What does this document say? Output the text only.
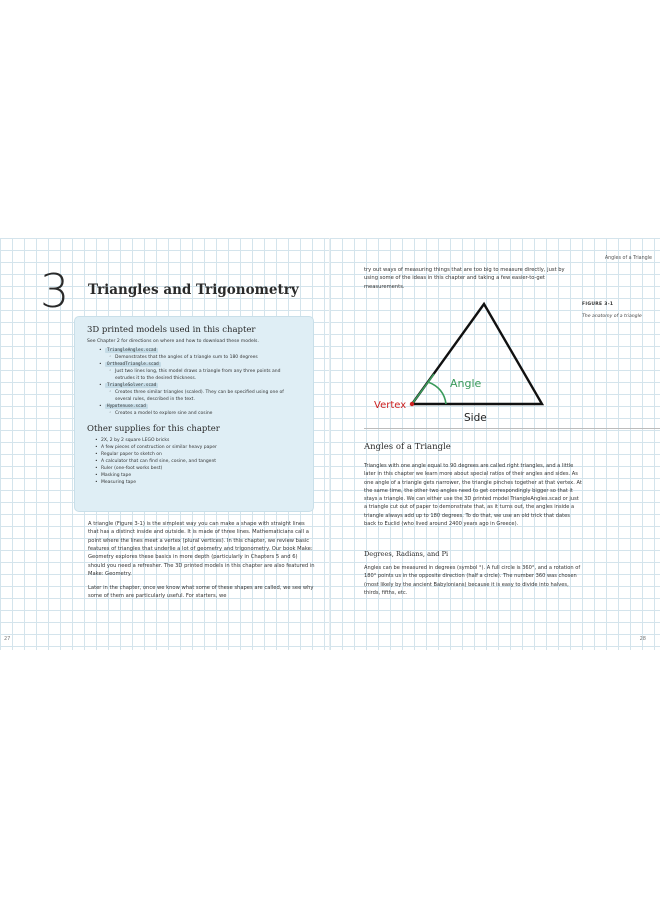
3 Triangles and Trigonometry
3D printed models used in this chapter
See Chapter 2 for directions on where and how to download these models.
• TriangleAngles.scad
◦ Demonstrates that the angles of a triangle sum to 180 degrees
• OrtheadTriangle.scad
◦ Just two lines long, this model draws a triangle from any three points and extrudes it to the desired thickness.
• TriangleSolver.scad
◦ Creates three similar triangles (scaled). They can be specified using one of several rules, described in the text.
• Hypotenuse.scad
◦ Creates a model to explore sine and cosine
Other supplies for this chapter
• 2X, 2 by 2 square LEGO bricks
• A few pieces of construction or similar heavy paper
• Regular paper to sketch on
• A calculator that can find sine, cosine, and tangent
• Ruler (one-foot works best)
• Masking tape
• Measuring tape
A triangle (Figure 3-1) is the simplest way you can make a shape with straight lines that has a distinct inside and outside. It is made of three lines. Mathematicians call a point where the lines meet a vertex (plural vertices). In this chapter, we review basic features of triangles that underlie a lot of geometry and trigonometry. Our book Make: Geometry explores these basics in more depth (particularly in Chapters 5 and 6) should you need a refresher. The 3D printed models in this chapter are also featured in Make: Geometry.
Later in the chapter, once we know what some of these shapes are called, we see why some of them are particularly useful. For starters, we
27
Angles of a Triangle
try out ways of measuring things that are too big to measure directly, just by using some of the ideas in this chapter and taking a few easier-to-get measurements.
Angle
Vertex
Side
FIGURE 3-1
The anatomy of a triangle
Angles of a Triangle
Triangles with one angle equal to 90 degrees are called right triangles, and a little later in this chapter we learn more about special ratios of their angles and sides. As one angle of a triangle gets narrower, the triangle pinches together at that vertex. At the same time, the other two angles need to get correspondingly bigger so that it stays a triangle. We can either use the 3D printed model TriangleAngles.scad or just a triangle cut out of paper to demonstrate that, as it turns out, the angles inside a triangle always add up to 180 degrees. To do that, we use an old trick that dates back to Euclid (who lived around 2400 years ago in Greece).
Degrees, Radians, and Pi
Angles can be measured in degrees (symbol °). A full circle is 360°, and a rotation of 180° points us in the opposite direction (half a circle). The number 360 was chosen (most likely by the ancient Babylonians) because it is easy to divide into halves, thirds, fifths, etc.
28
